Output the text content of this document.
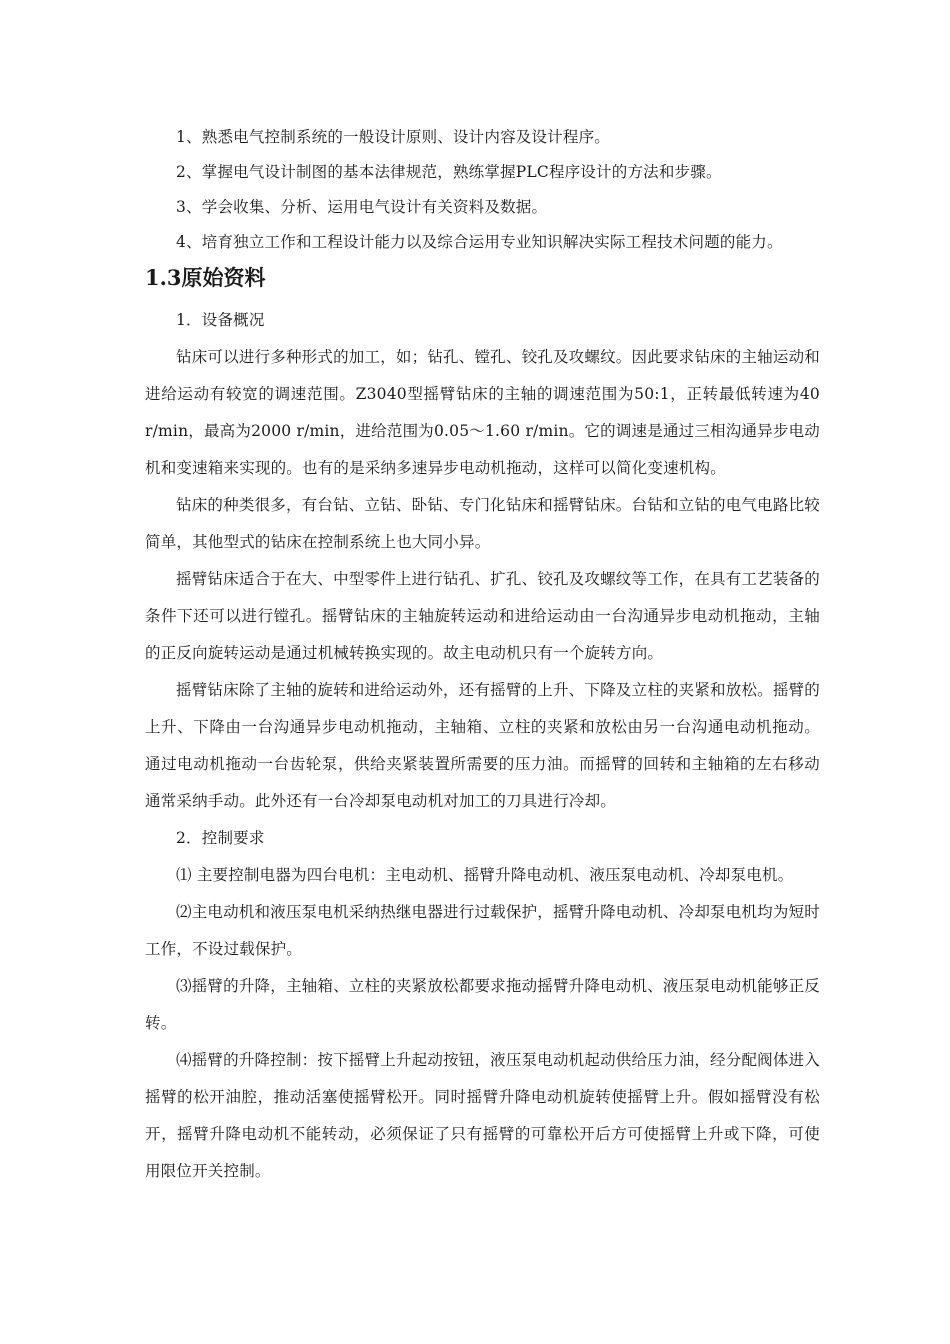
1、熟悉电气控制系统的一般设计原则、设计内容及设计程序。

2、掌握电气设计制图的基本法律规范，熟练掌握PLC程序设计的方法和步骤。

3、学会收集、分析、运用电气设计有关资料及数据。

4、培育独立工作和工程设计能力以及综合运用专业知识解决实际工程技术问题的能力。

1.3原始资料

1．设备概况

钻床可以进行多种形式的加工，如；钻孔、镗孔、铰孔及攻螺纹。因此要求钻床的主轴运动和进给运动有较宽的调速范围。Z3040型摇臂钻床的主轴的调速范围为50:1，正转最低转速为40 r/min，最高为2000 r/min，进给范围为0.05～1.60 r/min。它的调速是通过三相沟通异步电动机和变速箱来实现的。也有的是采纳多速异步电动机拖动，这样可以简化变速机构。

钻床的种类很多，有台钻、立钻、卧钻、专门化钻床和摇臂钻床。台钻和立钻的电气电路比较简单，其他型式的钻床在控制系统上也大同小异。

摇臂钻床适合于在大、中型零件上进行钻孔、扩孔、铰孔及攻螺纹等工作，在具有工艺装备的条件下还可以进行镗孔。摇臂钻床的主轴旋转运动和进给运动由一台沟通异步电动机拖动，主轴的正反向旋转运动是通过机械转换实现的。故主电动机只有一个旋转方向。

摇臂钻床除了主轴的旋转和进给运动外，还有摇臂的上升、下降及立柱的夹紧和放松。摇臂的上升、下降由一台沟通异步电动机拖动，主轴箱、立柱的夹紧和放松由另一台沟通电动机拖动。通过电动机拖动一台齿轮泵，供给夹紧装置所需要的压力油。而摇臂的回转和主轴箱的左右移动通常采纳手动。此外还有一台冷却泵电动机对加工的刀具进行冷却。

2．控制要求

⑴ 主要控制电器为四台电机：主电动机、摇臂升降电动机、液压泵电动机、冷却泵电机。

⑵主电动机和液压泵电机采纳热继电器进行过载保护，摇臂升降电动机、冷却泵电机均为短时工作，不设过载保护。

⑶摇臂的升降，主轴箱、立柱的夹紧放松都要求拖动摇臂升降电动机、液压泵电动机能够正反转。

⑷摇臂的升降控制：按下摇臂上升起动按钮，液压泵电动机起动供给压力油，经分配阀体进入摇臂的松开油腔，推动活塞使摇臂松开。同时摇臂升降电动机旋转使摇臂上升。假如摇臂没有松开，摇臂升降电动机不能转动，必须保证了只有摇臂的可靠松开后方可使摇臂上升或下降，可使用限位开关控制。
